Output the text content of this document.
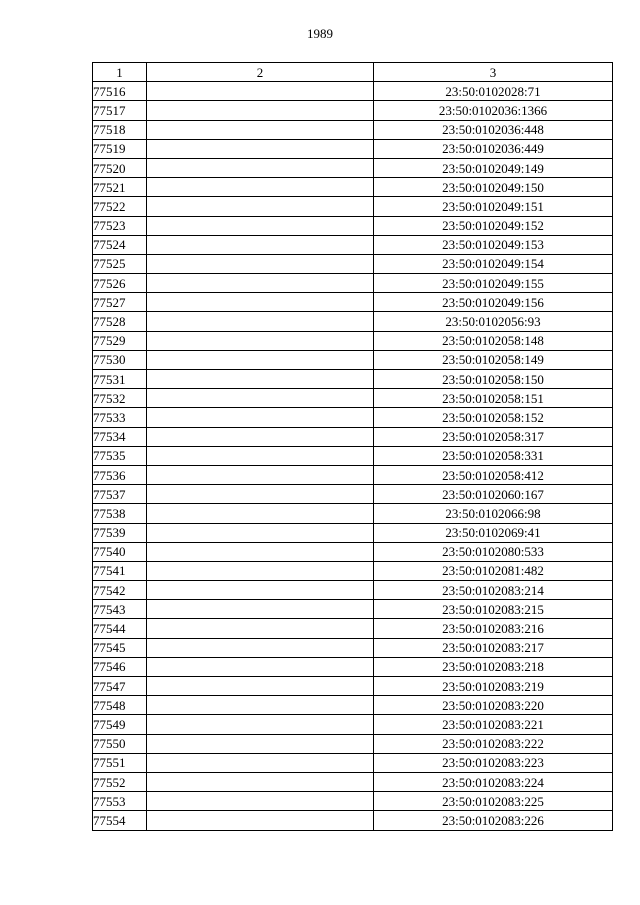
1989
1	2	3
77516		23:50:0102028:71
77517		23:50:0102036:1366
77518		23:50:0102036:448
77519		23:50:0102036:449
77520		23:50:0102049:149
77521		23:50:0102049:150
77522		23:50:0102049:151
77523		23:50:0102049:152
77524		23:50:0102049:153
77525		23:50:0102049:154
77526		23:50:0102049:155
77527		23:50:0102049:156
77528		23:50:0102056:93
77529		23:50:0102058:148
77530		23:50:0102058:149
77531		23:50:0102058:150
77532		23:50:0102058:151
77533		23:50:0102058:152
77534		23:50:0102058:317
77535		23:50:0102058:331
77536		23:50:0102058:412
77537		23:50:0102060:167
77538		23:50:0102066:98
77539		23:50:0102069:41
77540		23:50:0102080:533
77541		23:50:0102081:482
77542		23:50:0102083:214
77543		23:50:0102083:215
77544		23:50:0102083:216
77545		23:50:0102083:217
77546		23:50:0102083:218
77547		23:50:0102083:219
77548		23:50:0102083:220
77549		23:50:0102083:221
77550		23:50:0102083:222
77551		23:50:0102083:223
77552		23:50:0102083:224
77553		23:50:0102083:225
77554		23:50:0102083:226
